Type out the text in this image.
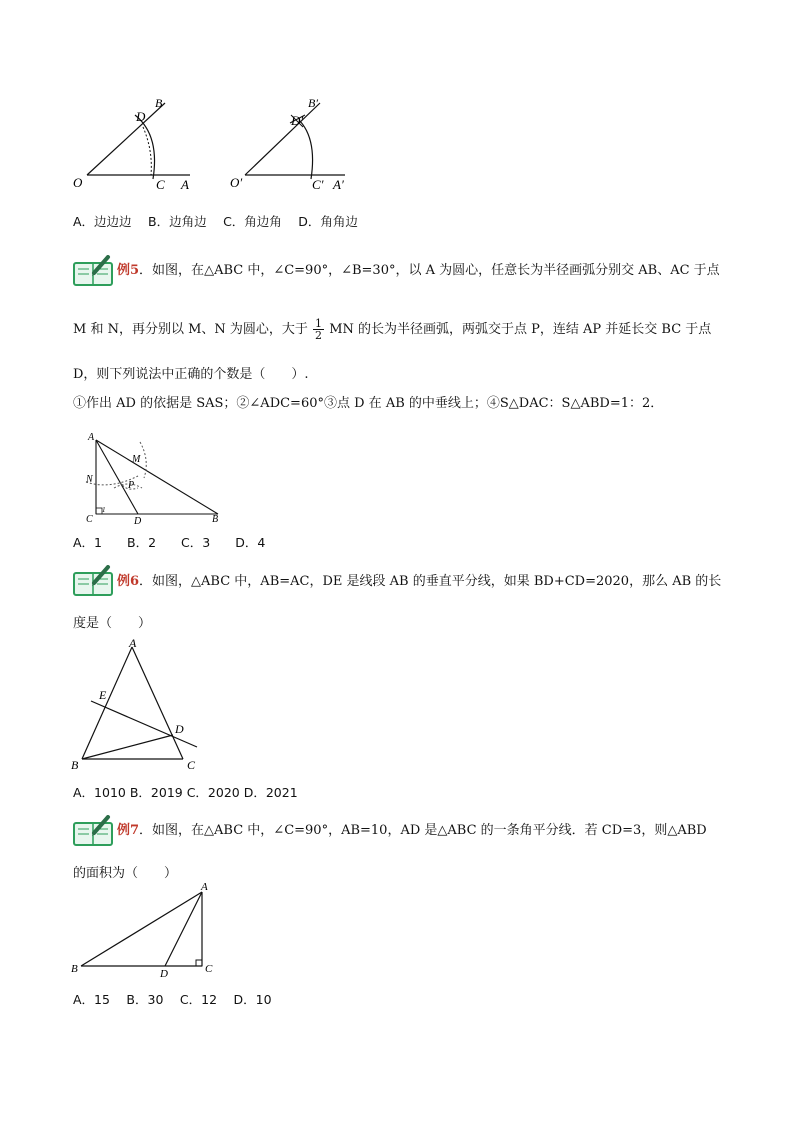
O	A
B
C
D
O′	A′
B′
C′
D′
A．边边边　 B．边角边　 C．角边角　 D．角角边
例5．如图，在△ABC 中，∠C=90°，∠B=30°，以 A 为圆心，任意长为半径画弧分别交 AB、AC 于点
M 和 N，再分别以 M、N 为圆心，大于 $\frac{1}{2}$ MN 的长为半径画弧，两弧交于点 P，连结 AP 并延长交 BC 于点
D，则下列说法中正确的个数是（　　）.
①作出 AD 的依据是 SAS；②∠ADC=60°③点 D 在 AB 的中垂线上；④S△DAC：S△ABD=1：2．
A
B
C	D
M
N
P
1
A．1　　B．2　　C．3　　D．4
例6．如图，△ABC 中，AB=AC，DE 是线段 AB 的垂直平分线，如果 BD+CD=2020，那么 AB 的长
度是（　　）
A
B	C
D
E
A．1010 B．2019 C．2020 D．2021
例7．如图，在△ABC 中，∠C=90°，AB=10，AD 是△ABC 的一条角平分线．若 CD=3，则△ABD
的面积为（　　）
A
B	C
D
A．15　 B．30　 C．12　 D．10
